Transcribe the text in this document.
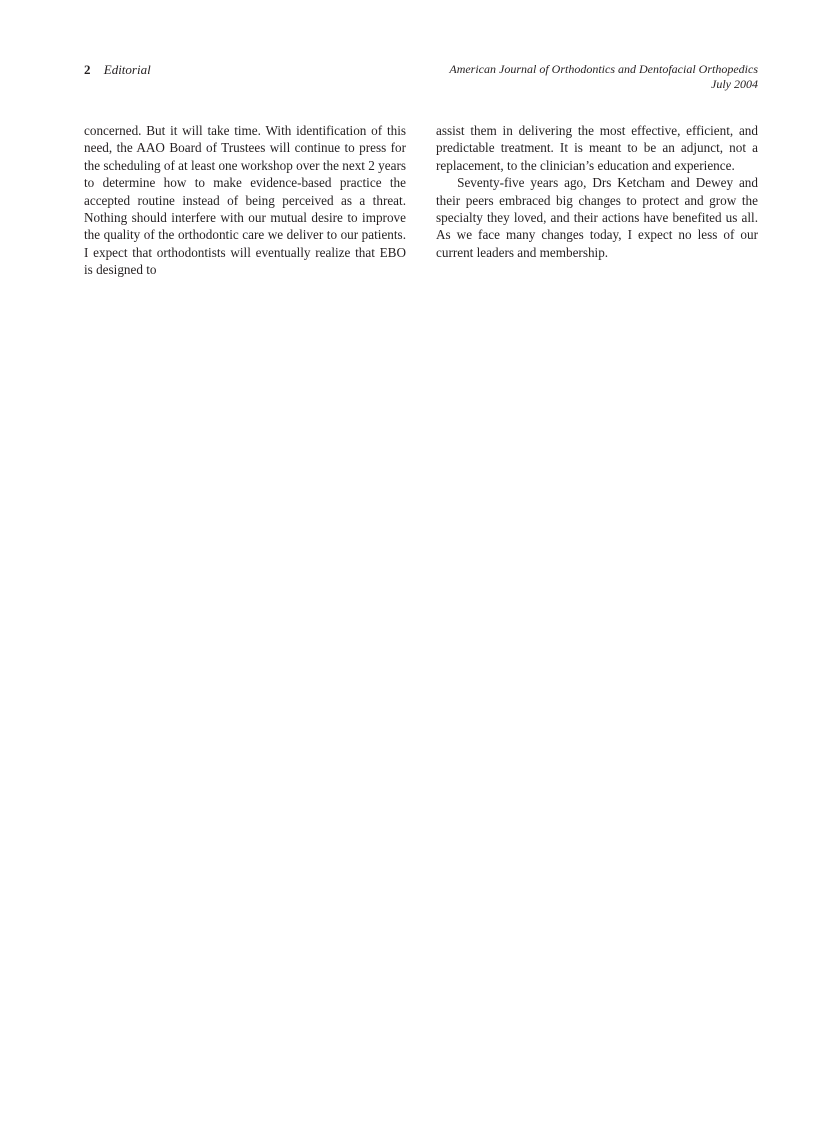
2 Editorial	American Journal of Orthodontics and Dentofacial Orthopedics
July 2004

concerned. But it will take time. With identification of this need, the AAO Board of Trustees will continue to press for the scheduling of at least one workshop over the next 2 years to determine how to make evidence-based practice the accepted routine instead of being perceived as a threat. Nothing should interfere with our mutual desire to improve the quality of the orthodontic care we deliver to our patients. I expect that orthodontists will eventually realize that EBO is designed to

assist them in delivering the most effective, efficient, and predictable treatment. It is meant to be an adjunct, not a replacement, to the clinician’s education and experience.

Seventy-five years ago, Drs Ketcham and Dewey and their peers embraced big changes to protect and grow the specialty they loved, and their actions have benefited us all. As we face many changes today, I expect no less of our current leaders and membership.
